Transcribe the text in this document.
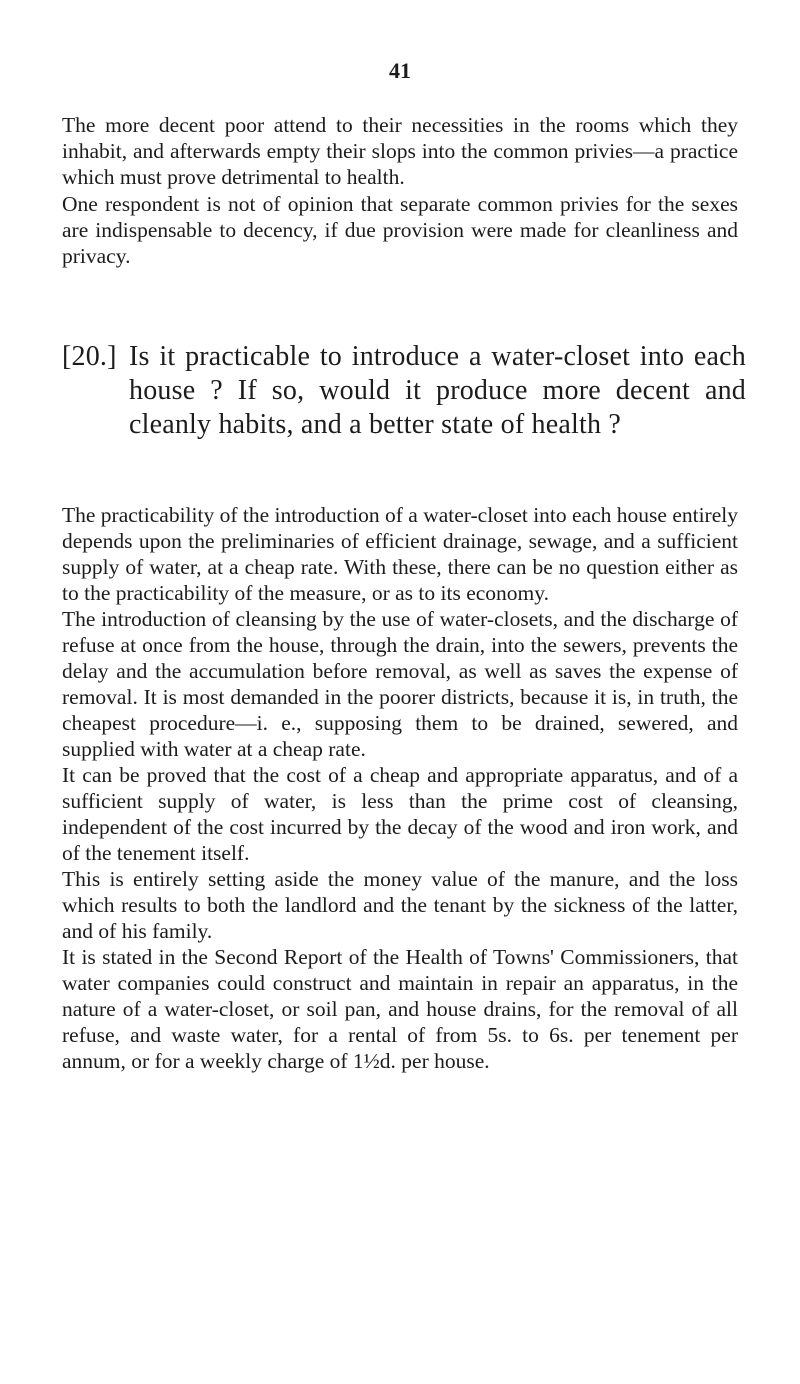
41

The more decent poor attend to their necessities in the rooms which they inhabit, and afterwards empty their slops into the common privies—a practice which must prove detrimental to health.

One respondent is not of opinion that separate common privies for the sexes are indispensable to decency, if due provision were made for cleanliness and privacy.

[20.] Is it practicable to introduce a water-closet into each house ? If so, would it produce more decent and cleanly habits, and a better state of health ?

The practicability of the introduction of a water-closet into each house entirely depends upon the preliminaries of efficient drainage, sewage, and a sufficient supply of water, at a cheap rate. With these, there can be no question either as to the practicability of the measure, or as to its economy.

The introduction of cleansing by the use of water-closets, and the discharge of refuse at once from the house, through the drain, into the sewers, prevents the delay and the accumulation before removal, as well as saves the expense of removal. It is most demanded in the poorer districts, because it is, in truth, the cheapest procedure—i. e., supposing them to be drained, sewered, and supplied with water at a cheap rate.

It can be proved that the cost of a cheap and appropriate apparatus, and of a sufficient supply of water, is less than the prime cost of cleansing, independent of the cost incurred by the decay of the wood and iron work, and of the tenement itself.

This is entirely setting aside the money value of the manure, and the loss which results to both the landlord and the tenant by the sickness of the latter, and of his family.

It is stated in the Second Report of the Health of Towns' Commissioners, that water companies could construct and maintain in repair an apparatus, in the nature of a water-closet, or soil pan, and house drains, for the removal of all refuse, and waste water, for a rental of from 5s. to 6s. per tenement per annum, or for a weekly charge of 1½d. per house.
